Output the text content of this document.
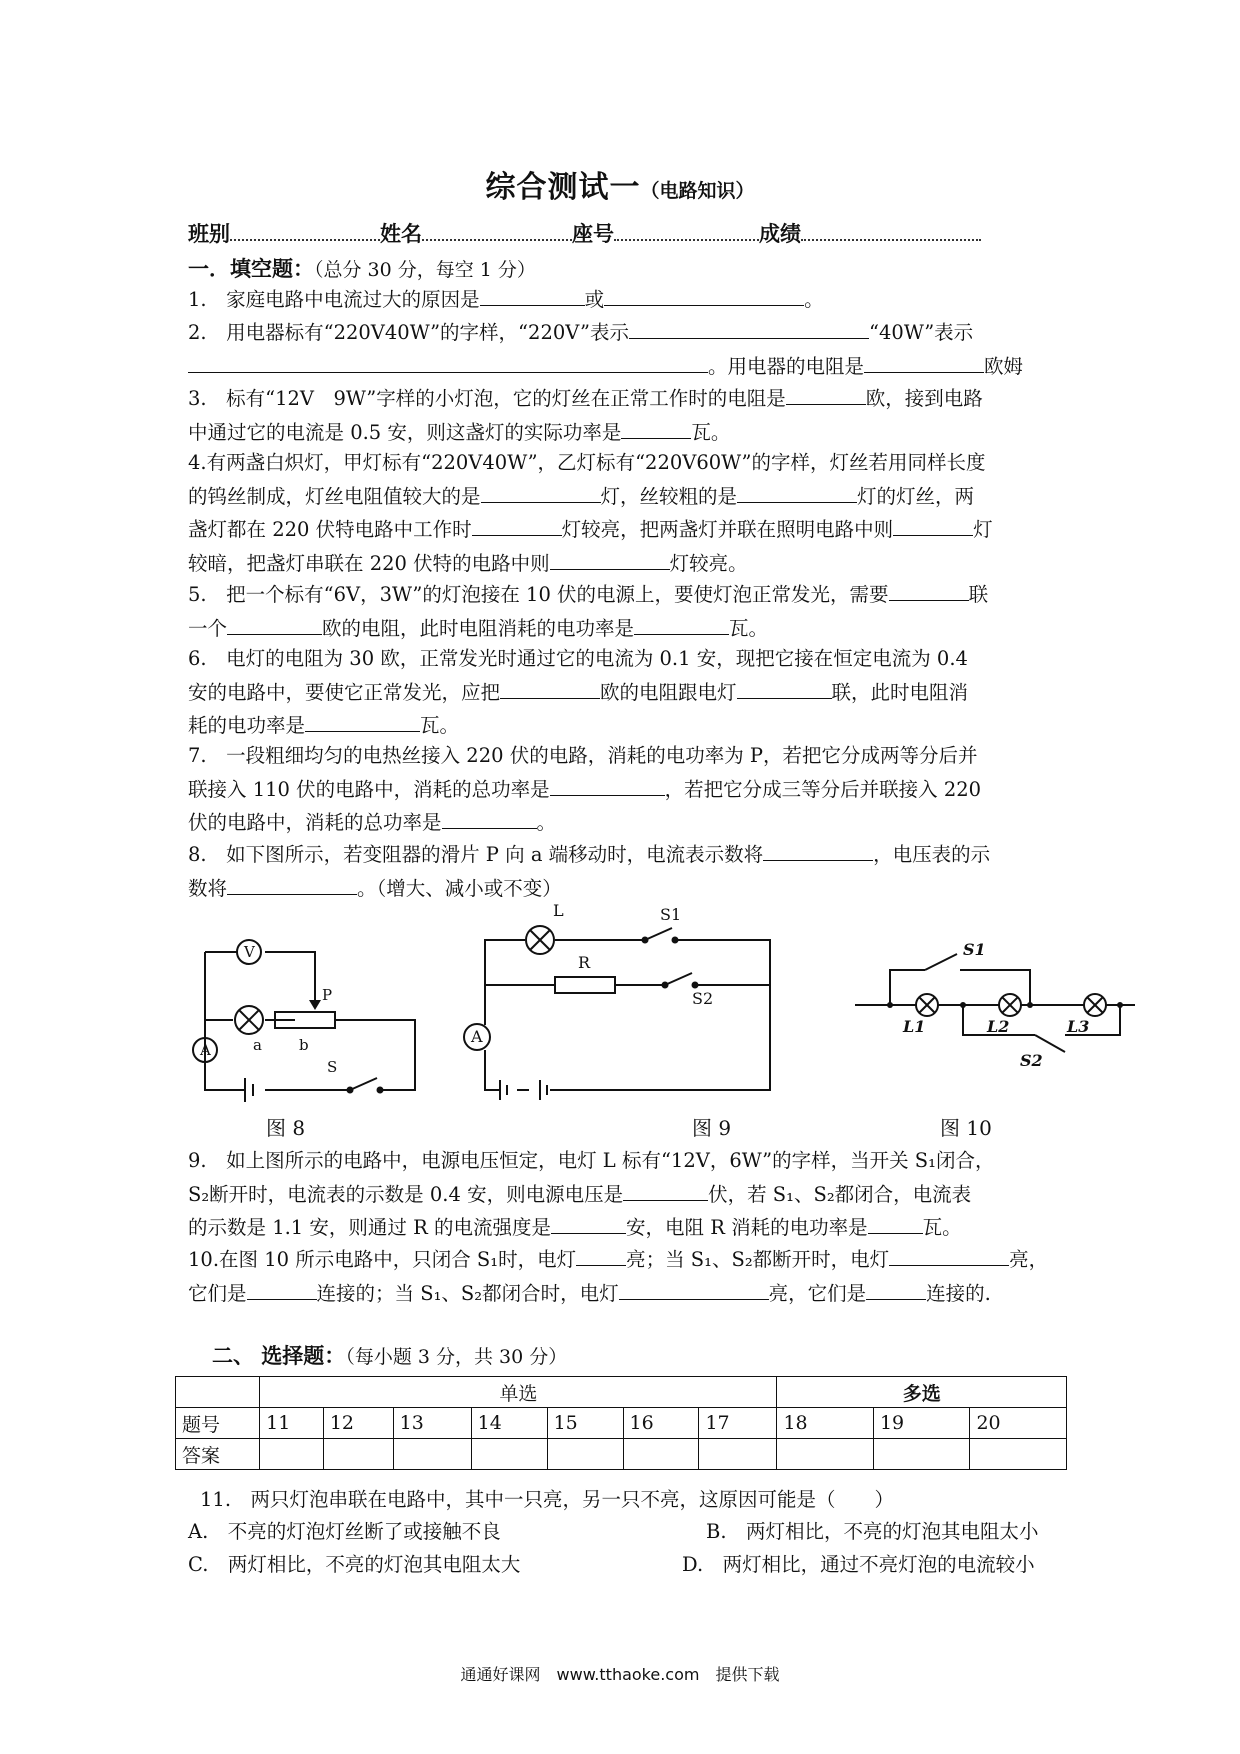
综合测试一（电路知识）
班别	姓名	座号	成绩
一．填空题：（总分 30 分，每空 1 分）

1.　家庭电路中电流过大的原因是	或	。

2.　用电器标有“220V40W”的字样，“220V”表示	“40W”表示

。用电器的电阻是	欧姆

3.　标有“12V　9W”字样的小灯泡，它的灯丝在正常工作时的电阻是	欧，接到电路

中通过它的电流是 0.5 安，则这盏灯的实际功率是	瓦。

4.有两盏白炽灯，甲灯标有“220V40W”，乙灯标有“220V60W”的字样，灯丝若用同样长度

的钨丝制成，灯丝电阻值较大的是	灯，丝较粗的是	灯的灯丝，两

盏灯都在 220 伏特电路中工作时	灯较亮，把两盏灯并联在照明电路中则	灯

较暗，把盏灯串联在 220 伏特的电路中则	灯较亮。

5.　把一个标有“6V，3W”的灯泡接在 10 伏的电源上，要使灯泡正常发光，需要	联

一个	欧的电阻，此时电阻消耗的电功率是	瓦。

6.　电灯的电阻为 30 欧，正常发光时通过它的电流为 0.1 安，现把它接在恒定电流为 0.4

安的电路中，要使它正常发光，应把	欧的电阻跟电灯	联，此时电阻消

耗的电功率是	瓦。

7.　一段粗细均匀的电热丝接入 220 伏的电路，消耗的电功率为 P，若把它分成两等分后并

联接入 110 伏的电路中，消耗的总功率是	，若把它分成三等分后并联接入 220

伏的电路中，消耗的总功率是	。

8.　如下图所示，若变阻器的滑片 P 向 a 端移动时，电流表示数将	，电压表的示

数将	。（增大、减小或不变）

V
A
P
a b
S
L	S1
R
S2
A
S1
L1	L2	L3
S2
图 8	图 9	图 10

9.　如上图所示的电路中，电源电压恒定，电灯 L 标有“12V，6W”的字样，当开关 S₁闭合，

S₂断开时，电流表的示数是 0.4 安，则电源电压是	伏，若 S₁、S₂都闭合，电流表

的示数是 1.1 安，则通过 R 的电流强度是	安，电阻 R 消耗的电功率是	瓦。

10.在图 10 所示电路中，只闭合 S₁时，电灯	亮；当 S₁、S₂都断开时，电灯	亮，

它们是	连接的；当 S₁、S₂都闭合时，电灯	亮，它们是	连接的.

二、 选择题：（每小题 3 分，共 30 分）
	单选							多选		
题号	11	12	13	14	15	16	17	18	19	20
答案										
11.　两只灯泡串联在电路中，其中一只亮，另一只不亮，这原因可能是（　　）
A.　不亮的灯泡灯丝断了或接触不良	B.　两灯相比，不亮的灯泡其电阻太小
C.　两灯相比，不亮的灯泡其电阻太大	D.　两灯相比，通过不亮灯泡的电流较小
通通好课网　www.tthaoke.com　提供下载
